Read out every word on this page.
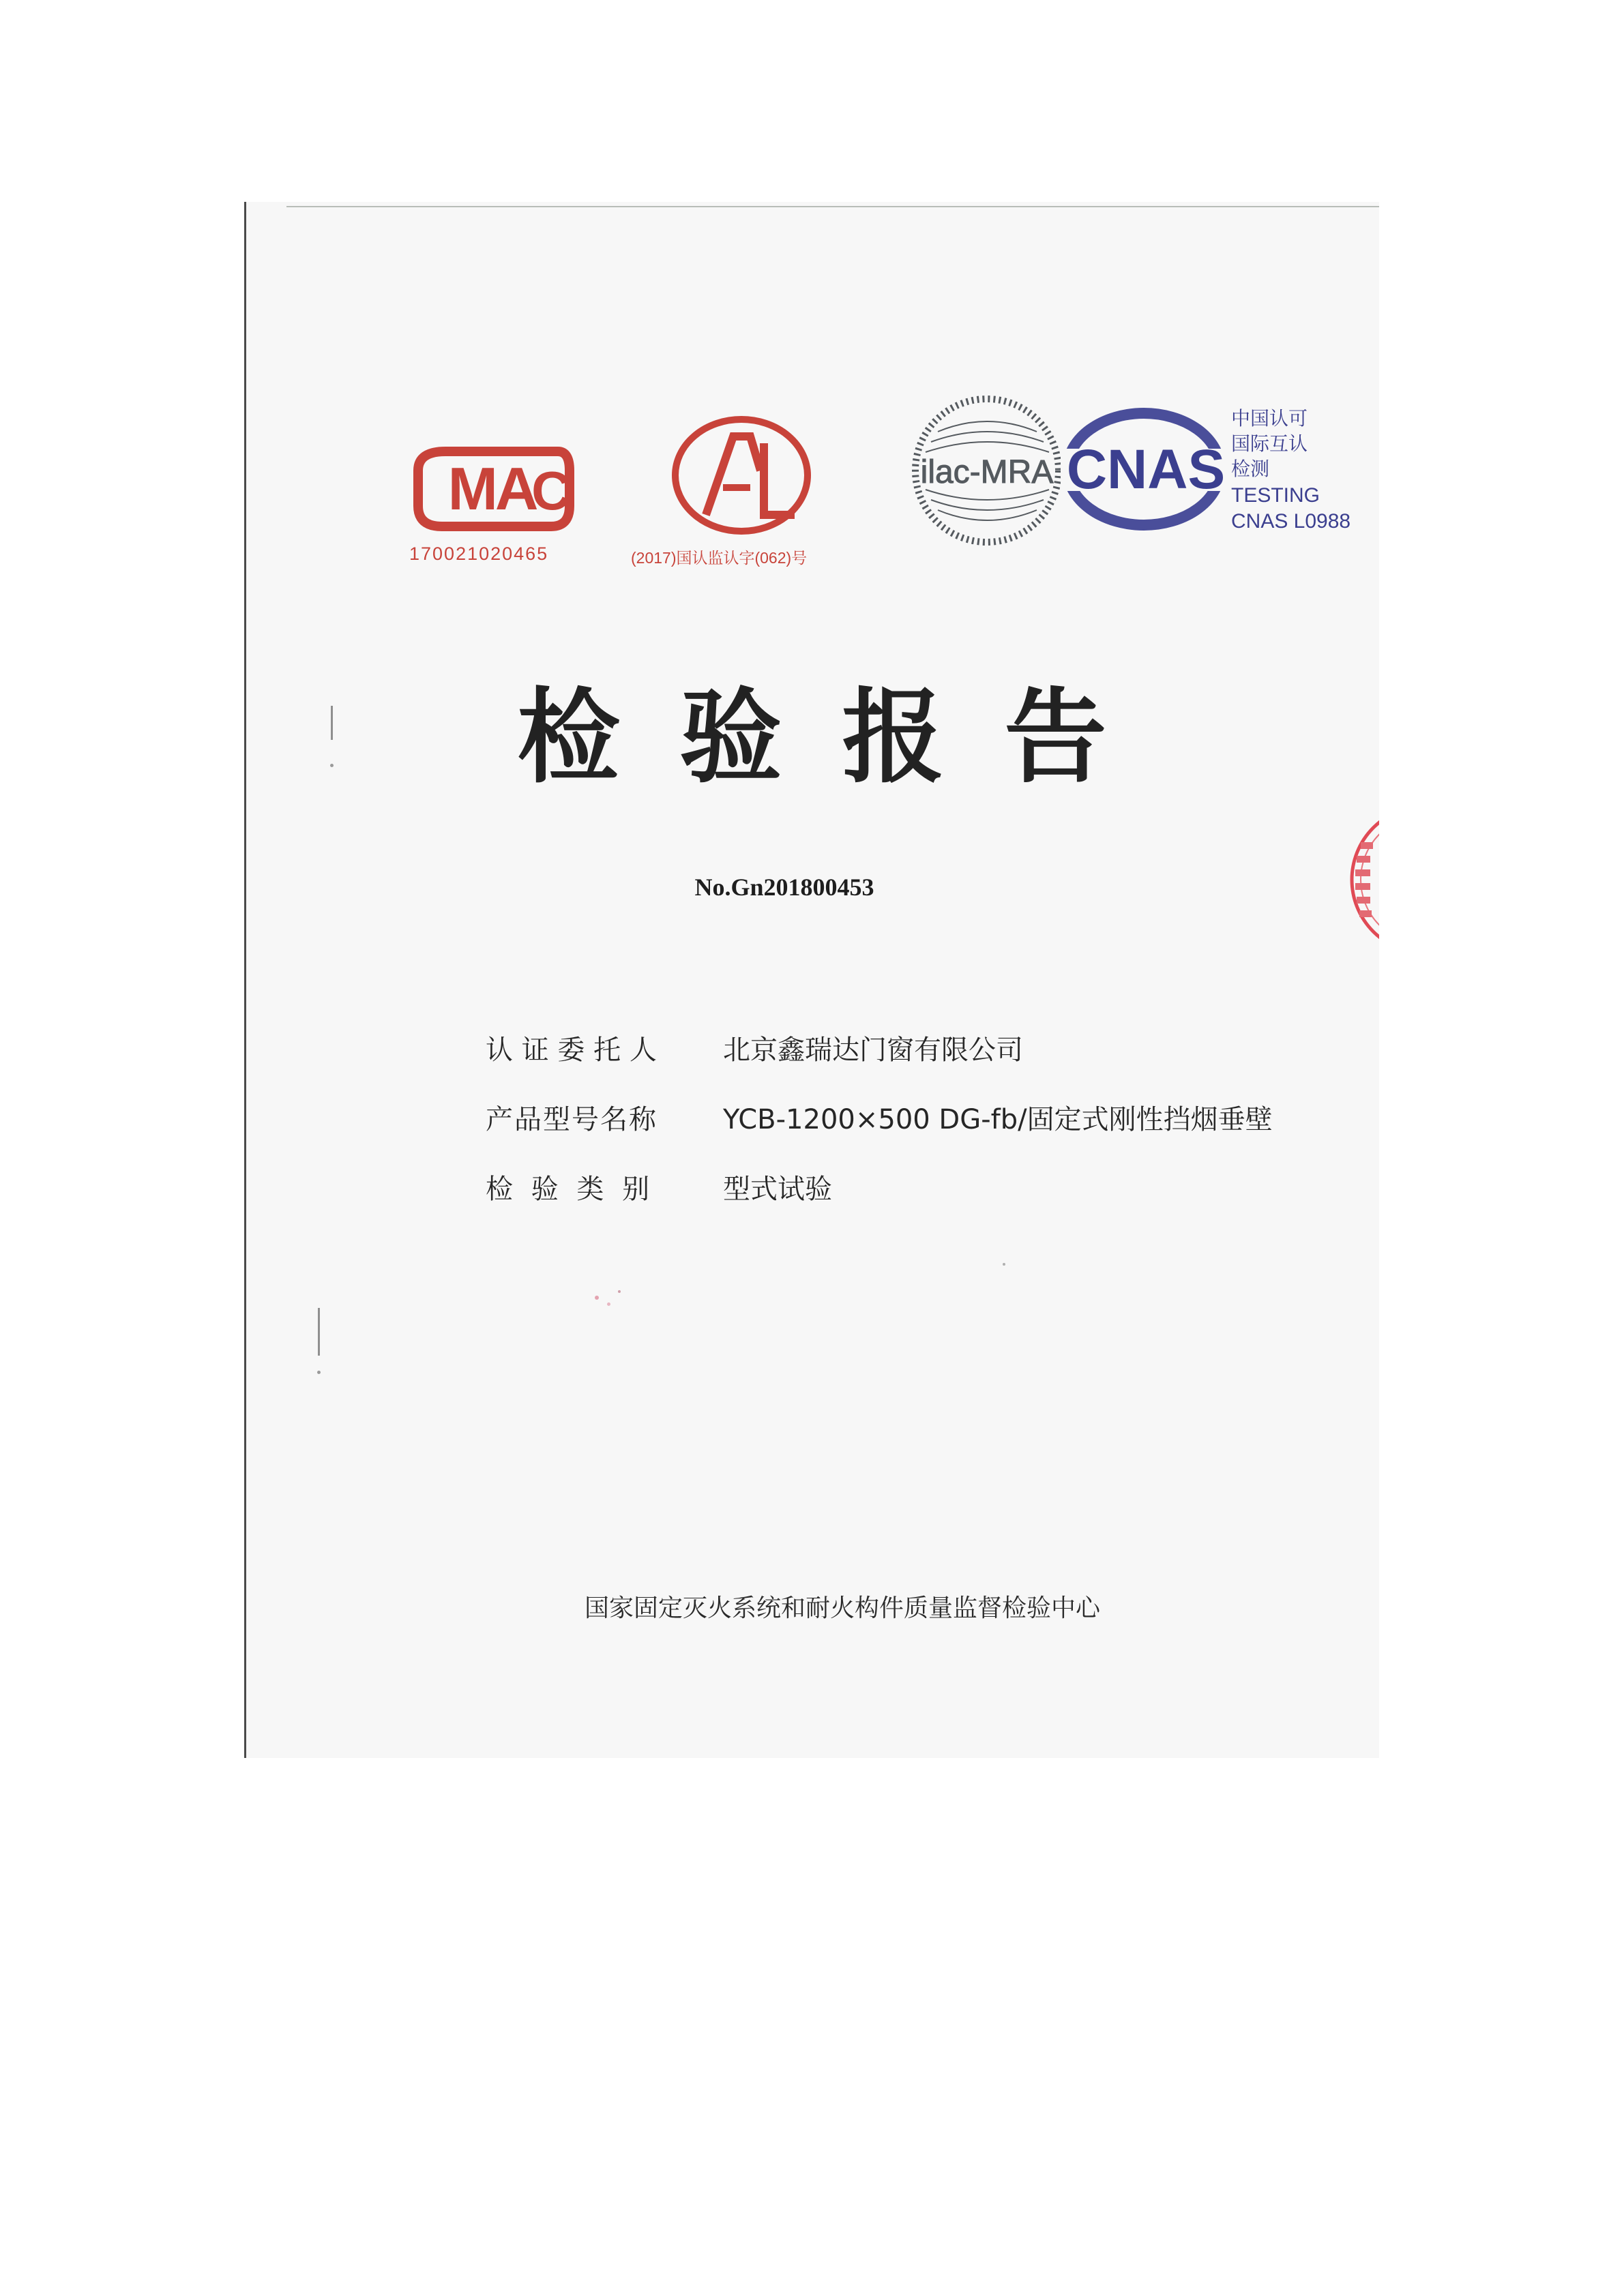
MA
C
170021020465	(2017)国认监认字(062)号
ilac-MRA CNAS
中国认可
国际互认
检测
TESTING
CNAS L0988
检验报告
No.Gn201800453
认 证 委 托 人 北京鑫瑞达门窗有限公司
产品型号名称 YCB-1200×500 DG-fb/固定式刚性挡烟垂壁
检 验 类 别	型式试验
国家固定灭火系统和耐火构件质量监督检验中心
